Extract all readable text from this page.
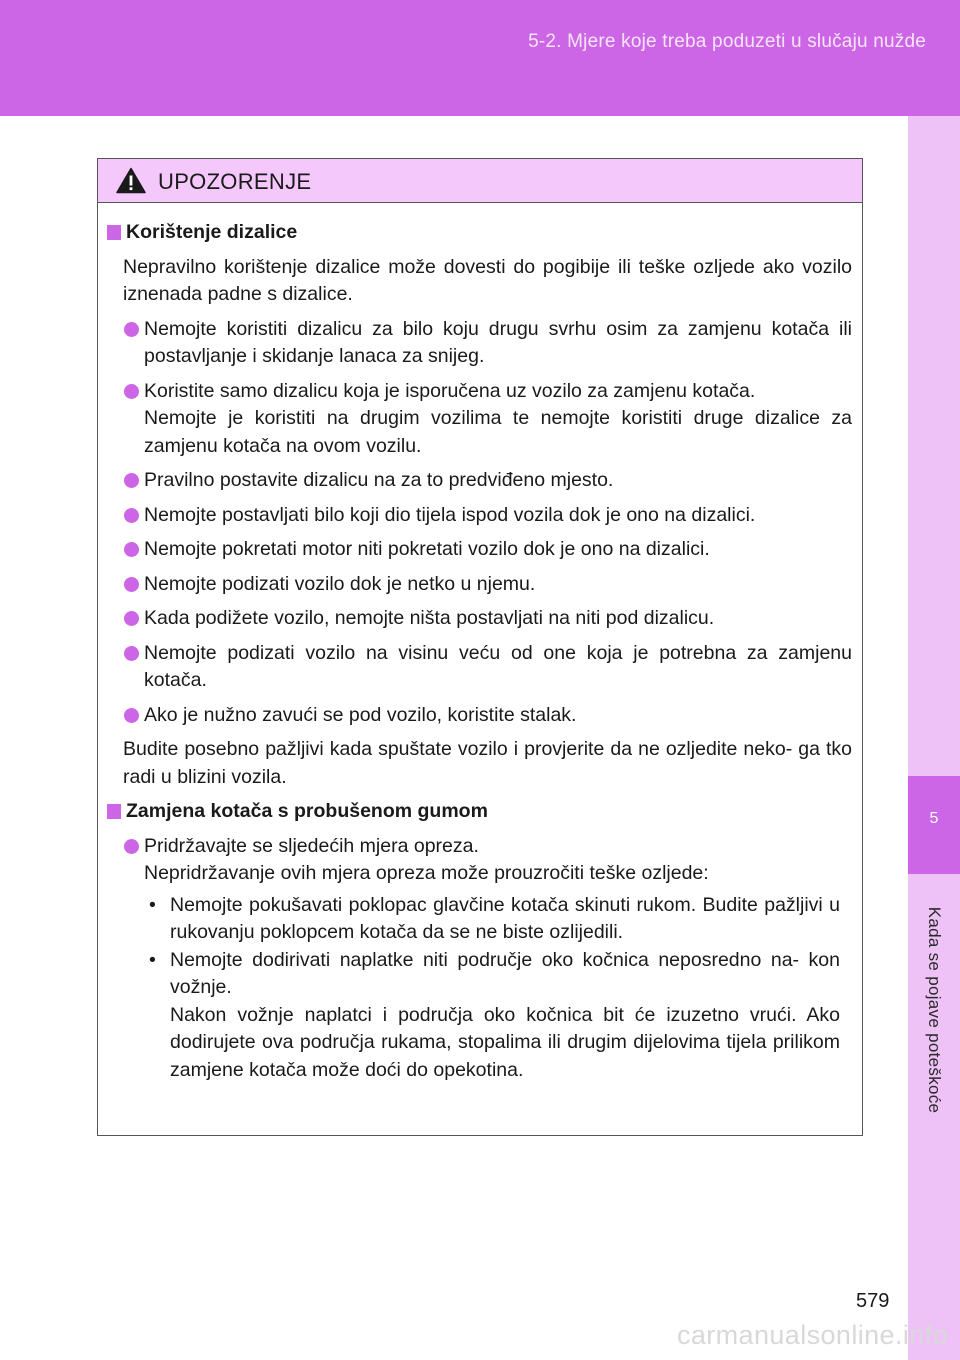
5-2. Mjere koje treba poduzeti u slučaju nužde
5
Kada se pojave poteškoće
UPOZORENJE
Korištenje dizalice
Nepravilno korištenje dizalice može dovesti do pogibije ili teške ozljede ako vozilo iznenada padne s dizalice.
Nemojte koristiti dizalicu za bilo koju drugu svrhu osim za zamjenu kotača ili postavljanje i skidanje lanaca za snijeg.
Koristite samo dizalicu koja je isporučena uz vozilo za zamjenu kotača.
Nemojte je koristiti na drugim vozilima te nemojte koristiti druge dizalice za zamjenu kotača na ovom vozilu.
Pravilno postavite dizalicu na za to predviđeno mjesto.
Nemojte postavljati bilo koji dio tijela ispod vozila dok je ono na dizalici.
Nemojte pokretati motor niti pokretati vozilo dok je ono na dizalici.
Nemojte podizati vozilo dok je netko u njemu.
Kada podižete vozilo, nemojte ništa postavljati na niti pod dizalicu.
Nemojte podizati vozilo na visinu veću od one koja je potrebna za zamjenu kotača.
Ako je nužno zavući se pod vozilo, koristite stalak.
Budite posebno pažljivi kada spuštate vozilo i provjerite da ne ozljedite neko- ga tko radi u blizini vozila.
Zamjena kotača s probušenom gumom
Pridržavajte se sljedećih mjera opreza.
Nepridržavanje ovih mjera opreza može prouzročiti teške ozljede:
• Nemojte pokušavati poklopac glavčine kotača skinuti rukom. Budite pažljivi u rukovanju poklopcem kotača da se ne biste ozlijedili.
• Nemojte dodirivati naplatke niti područje oko kočnica neposredno na- kon vožnje.
Nakon vožnje naplatci i područja oko kočnica bit će izuzetno vrući. Ako dodirujete ova područja rukama, stopalima ili drugim dijelovima tijela prilikom zamjene kotača može doći do opekotina.
579
carmanualsonline.info
